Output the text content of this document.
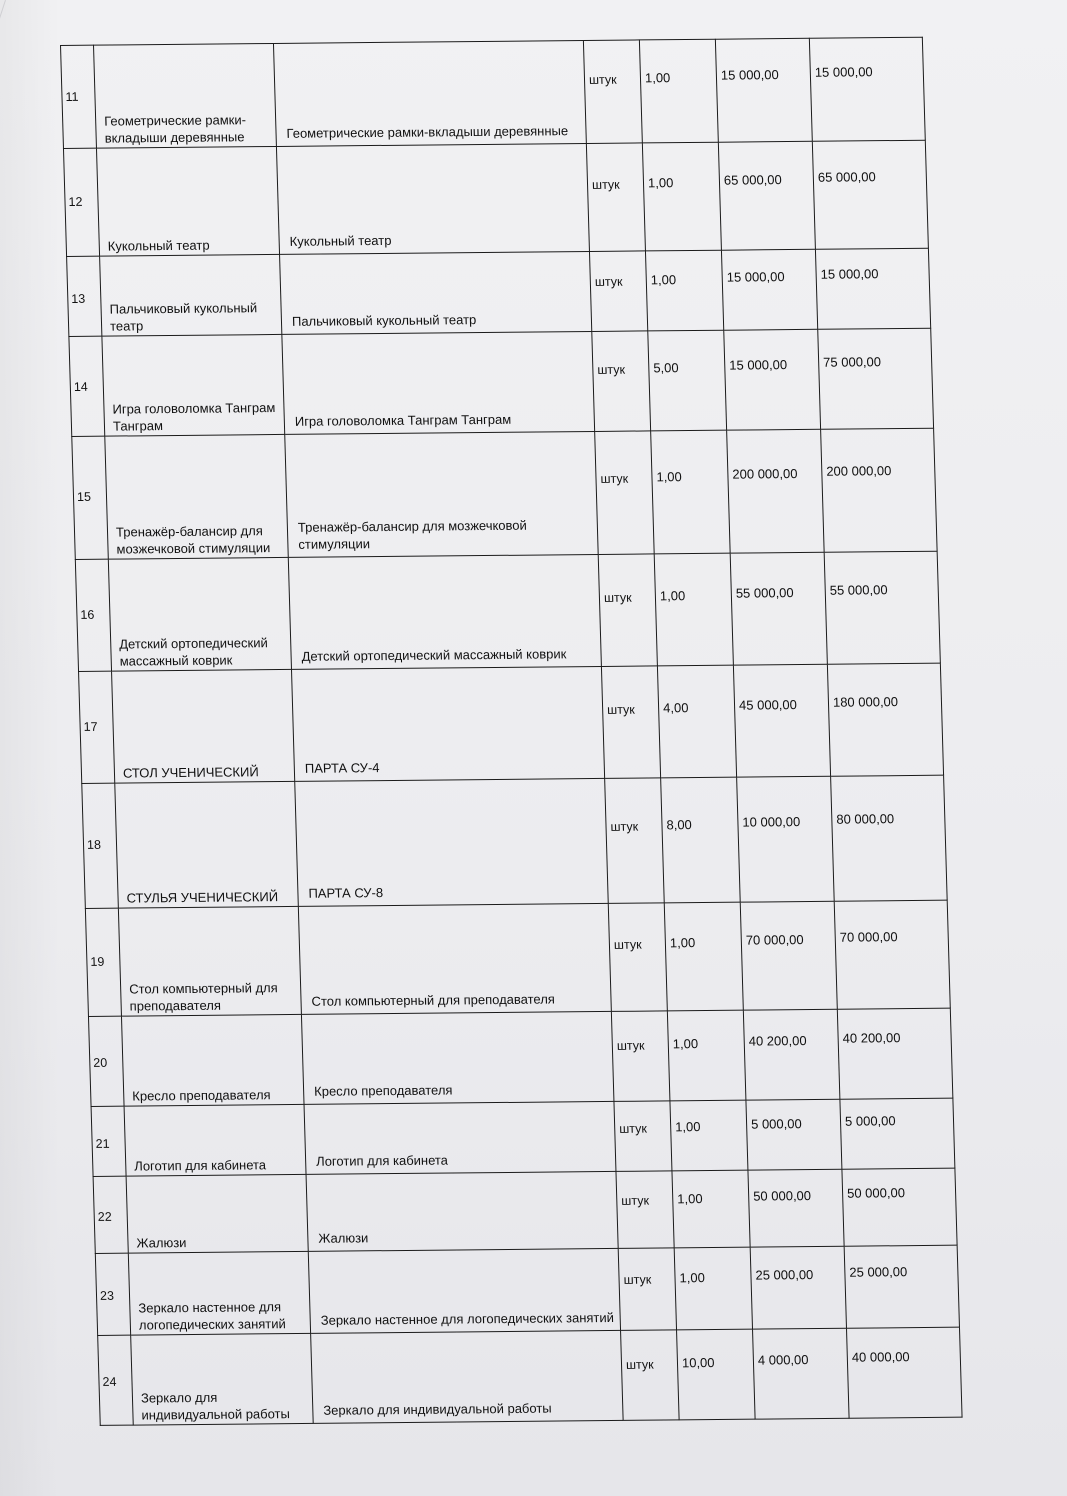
11	Геометрические рамки-вкладыши деревянные	Геометрические рамки-вкладыши деревянные	штук	1,00	15 000,00	15 000,00

12	Кукольный театр	Кукольный театр	штук	1,00	65 000,00	65 000,00

13	Пальчиковый кукольный театр	Пальчиковый кукольный театр	штук	1,00	15 000,00	15 000,00

14	Игра головоломка Танграм Танграм	Игра головоломка Танграм Танграм	штук	5,00	15 000,00	75 000,00

15	Тренажёр-балансир для мозжечковой стимуляции	Тренажёр-балансир для мозжечковой стимуляции	штук	1,00	200 000,00	200 000,00

16	Детский ортопедический массажный коврик	Детский ортопедический массажный коврик	штук	1,00	55 000,00	55 000,00

17	СТОЛ УЧЕНИЧЕСКИЙ	ПАРТА СУ-4	штук	4,00	45 000,00	180 000,00

18	СТУЛЬЯ УЧЕНИЧЕСКИЙ	ПАРТА СУ-8	штук	8,00	10 000,00	80 000,00

19	Стол компьютерный для преподавателя	Стол компьютерный для преподавателя	штук	1,00	70 000,00	70 000,00

20	Кресло преподавателя	Кресло преподавателя	штук	1,00	40 200,00	40 200,00

21	Логотип для кабинета	Логотип для кабинета	штук	1,00	5 000,00	5 000,00

22	Жалюзи	Жалюзи	штук	1,00	50 000,00	50 000,00

23	Зеркало настенное для логопедических занятий	Зеркало настенное для логопедических занятий	штук	1,00	25 000,00	25 000,00

24	Зеркало для индивидуальной работы	Зеркало для индивидуальной работы	штук	10,00	4 000,00	40 000,00
